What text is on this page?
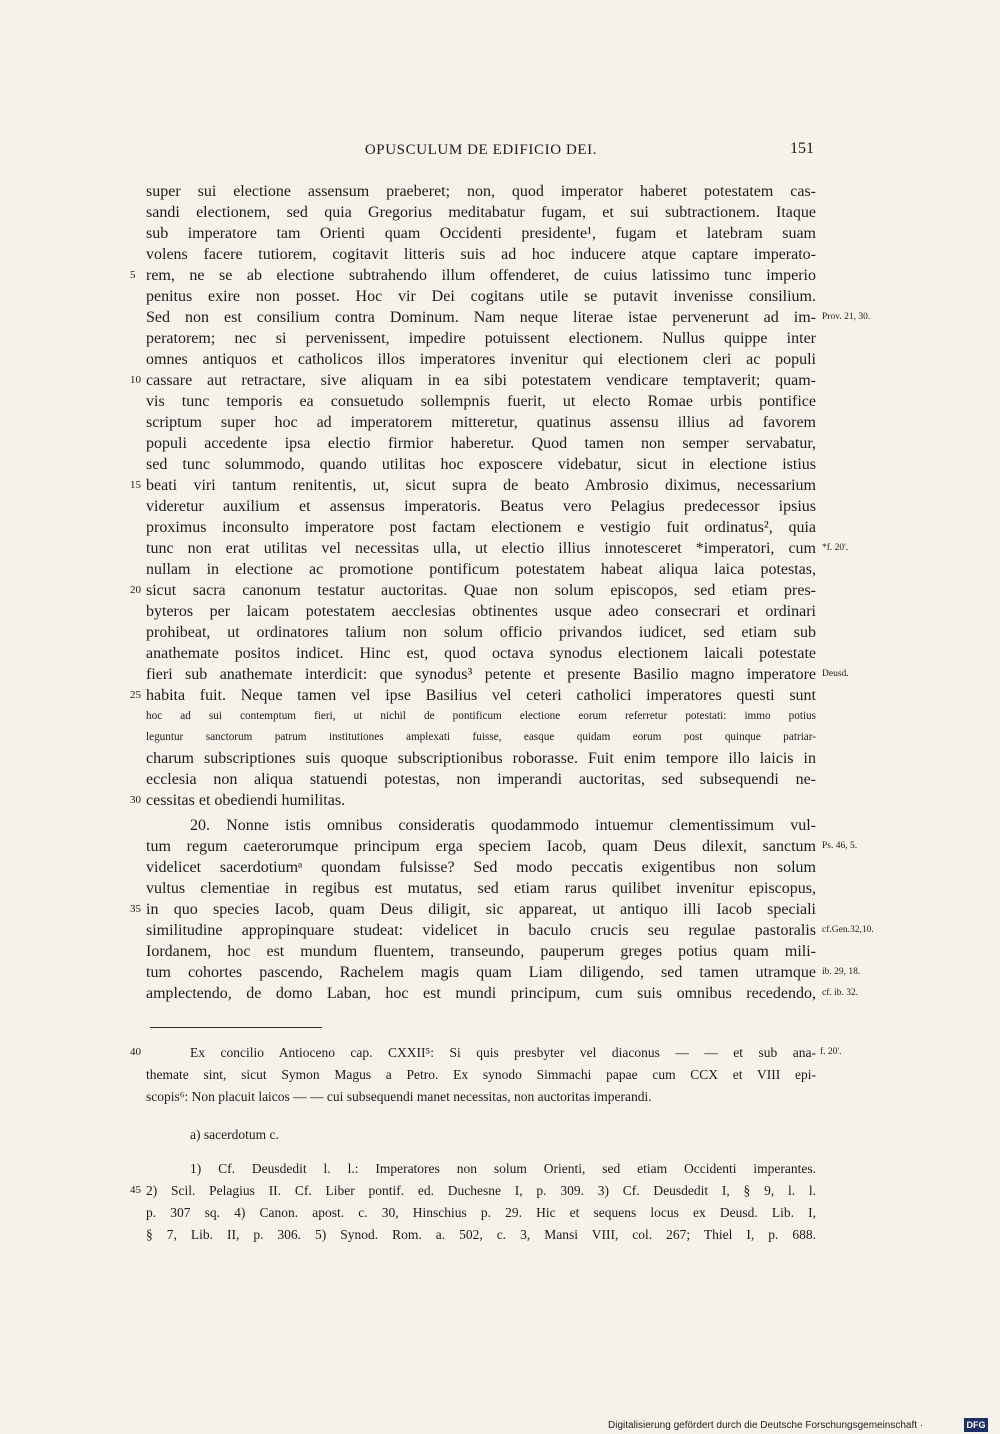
OPUSCULUM DE EDIFICIO DEI.	151
super sui electione assensum praeberet; non, quod imperator haberet potestatem cas-
sandi electionem, sed quia Gregorius meditabatur fugam, et sui subtractionem. Itaque
sub imperatore tam Orienti quam Occidenti presidente¹, fugam et latebram suam
volens facere tutiorem, cogitavit litteris suis ad hoc inducere atque captare imperato-
rem, ne se ab electione subtrahendo illum offenderet, de cuius latissimo tunc imperio
penitus exire non posset. Hoc vir Dei cogitans utile se putavit invenisse consilium.
Sed non est consilium contra Dominum. Nam neque literae istae pervenerunt ad im-
peratorem; nec si pervenissent, impedire potuissent electionem. Nullus quippe inter
omnes antiquos et catholicos illos imperatores invenitur qui electionem cleri ac populi
cassare aut retractare, sive aliquam in ea sibi potestatem vendicare temptaverit; quam-
vis tunc temporis ea consuetudo sollempnis fuerit, ut electo Romae urbis pontifice
scriptum super hoc ad imperatorem mitteretur, quatinus assensu illius ad favorem
populi accedente ipsa electio firmior haberetur. Quod tamen non semper servabatur,
sed tunc solummodo, quando utilitas hoc exposcere videbatur, sicut in electione istius
beati viri tantum renitentis, ut, sicut supra de beato Ambrosio diximus, necessarium
videretur auxilium et assensus imperatoris. Beatus vero Pelagius predecessor ipsius
proximus inconsulto imperatore post factam electionem e vestigio fuit ordinatus², quia
tunc non erat utilitas vel necessitas ulla, ut electio illius innotesceret *imperatori, cum
nullam in electione ac promotione pontificum potestatem habeat aliqua laica potestas,
sicut sacra canonum testatur auctoritas. Quae non solum episcopos, sed etiam pres-
byteros per laicam potestatem aecclesias obtinentes usque adeo consecrari et ordinari
prohibeat, ut ordinatores talium non solum officio privandos iudicet, sed etiam sub
anathemate positos indicet. Hinc est, quod octava synodus electionem laicali potestate
fieri sub anathemate interdicit: que synodus³ petente et presente Basilio magno imperatore
habita fuit. Neque tamen vel ipse Basilius vel ceteri catholici imperatores questi sunt
hoc ad sui contemptum fieri, ut nichil de pontificum electione eorum referretur potestati: immo potius
leguntur sanctorum patrum institutiones amplexati fuisse, easque quidam eorum post quinque patriar-
charum subscriptiones suis quoque subscriptionibus roborasse. Fuit enim tempore illo laicis in
ecclesia non aliqua statuendi potestas, non imperandi auctoritas, sed subsequendi ne-
cessitas et obediendi humilitas.
20. Nonne istis omnibus consideratis quodammodo intuemur clementissimum vul-
tum regum caeterorumque principum erga speciem Iacob, quam Deus dilexit, sanctum
videlicet sacerdotiumᵃ quondam fulsisse? Sed modo peccatis exigentibus non solum
vultus clementiae in regibus est mutatus, sed etiam rarus quilibet invenitur episcopus,
in quo species Iacob, quam Deus diligit, sic appareat, ut antiquo illi Iacob speciali
similitudine appropinquare studeat: videlicet in baculo crucis seu regulae pastoralis
Iordanem, hoc est mundum fluentem, transeundo, pauperum greges potius quam mili-
tum cohortes pascendo, Rachelem magis quam Liam diligendo, sed tamen utramque
amplectendo, de domo Laban, hoc est mundi principum, cum suis omnibus recedendo,
5
10
15
20
25
30
35
Prov. 21, 30.
*f. 20'.
Deusd.
Ps. 46, 5.
cf.Gen.32,10.
ib. 29, 18.
cf. ib. 32.
Ex concilio Antioceno cap. CXXII⁵: Si quis presbyter vel diaconus — — et sub ana-
themate sint, sicut Symon Magus a Petro. Ex synodo Simmachi papae cum CCX et VIII epi-
scopis⁶: Non placuit laicos — — cui subsequendi manet necessitas, non auctoritas imperandi.
a) sacerdotum c.
1) Cf. Deusdedit l. l.: Imperatores non solum Orienti, sed etiam Occidenti imperantes.
2) Scil. Pelagius II. Cf. Liber pontif. ed. Duchesne I, p. 309. 3) Cf. Deusdedit I, § 9, l. l.
p. 307 sq. 4) Canon. apost. c. 30, Hinschius p. 29. Hic et sequens locus ex Deusd. Lib. I,
§ 7, Lib. II, p. 306. 5) Synod. Rom. a. 502, c. 3, Mansi VIII, col. 267; Thiel I, p. 688.
40
45
f. 20'.
Digitalisierung gefördert durch die Deutsche Forschungsgemeinschaft ·	DFG
